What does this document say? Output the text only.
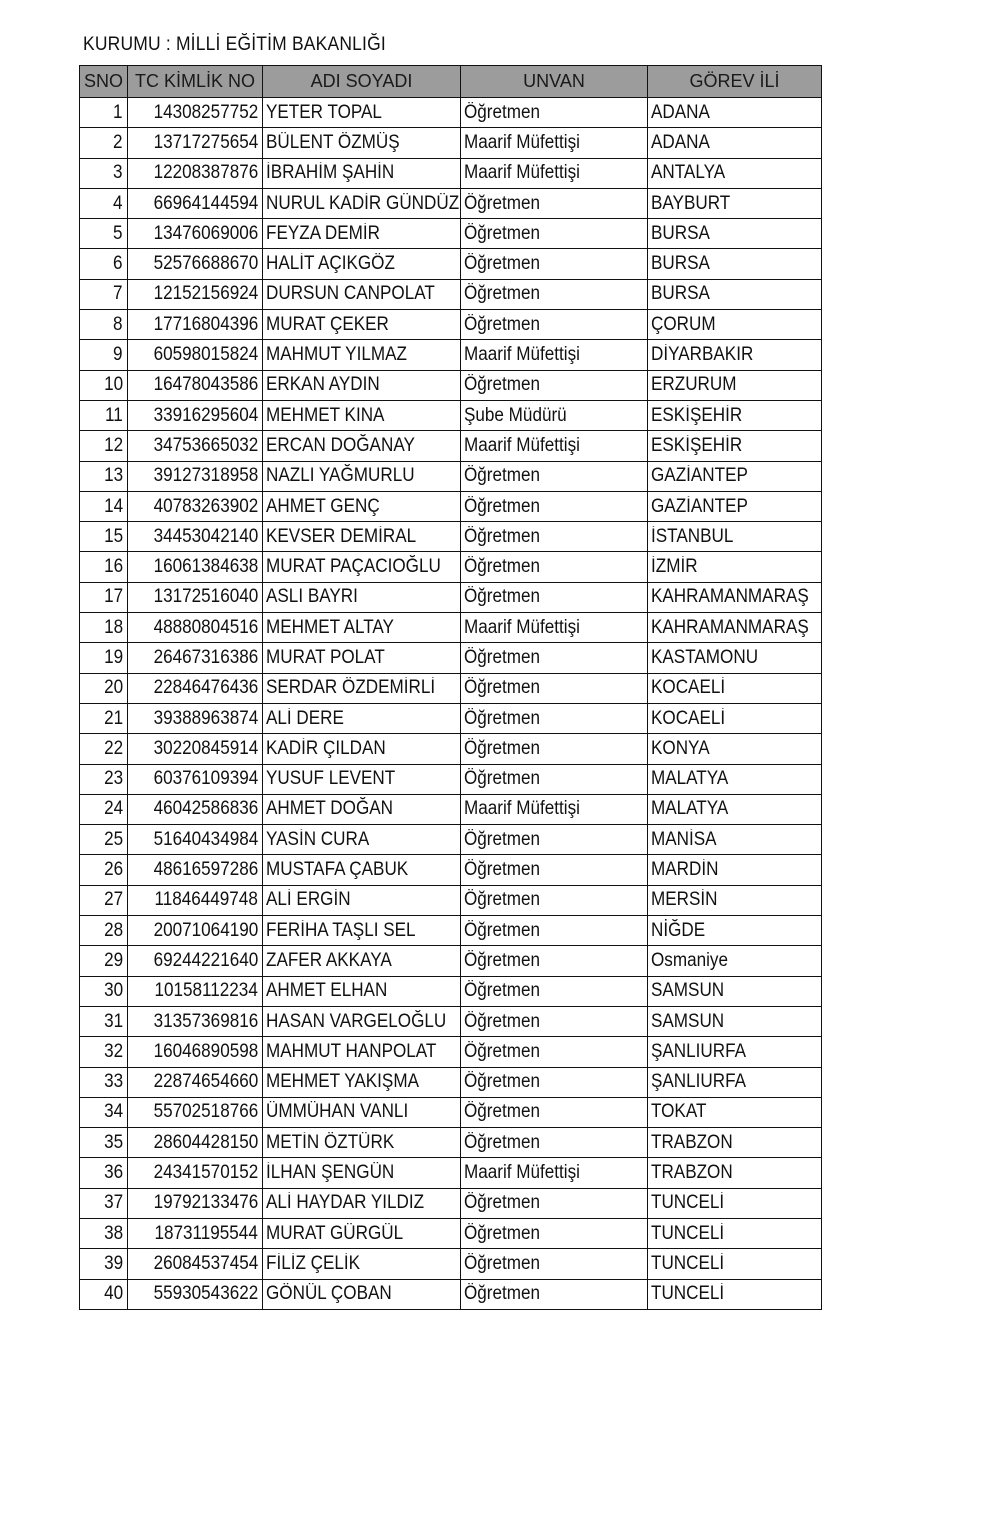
KURUMU : MİLLİ EĞİTİM BAKANLIĞI
SNO	TC KİMLİK NO	ADI SOYADI	UNVAN	GÖREV İLİ
1	14308257752	YETER TOPAL	Öğretmen	ADANA
2	13717275654	BÜLENT ÖZMÜŞ	Maarif Müfettişi	ADANA
3	12208387876	İBRAHİM ŞAHİN	Maarif Müfettişi	ANTALYA
4	66964144594	NURUL KADİR GÜNDÜZ	Öğretmen	BAYBURT
5	13476069006	FEYZA DEMİR	Öğretmen	BURSA
6	52576688670	HALİT AÇIKGÖZ	Öğretmen	BURSA
7	12152156924	DURSUN CANPOLAT	Öğretmen	BURSA
8	17716804396	MURAT ÇEKER	Öğretmen	ÇORUM
9	60598015824	MAHMUT YILMAZ	Maarif Müfettişi	DİYARBAKIR
10	16478043586	ERKAN AYDIN	Öğretmen	ERZURUM
11	33916295604	MEHMET KINA	Şube Müdürü	ESKİŞEHİR
12	34753665032	ERCAN DOĞANAY	Maarif Müfettişi	ESKİŞEHİR
13	39127318958	NAZLI YAĞMURLU	Öğretmen	GAZİANTEP
14	40783263902	AHMET GENÇ	Öğretmen	GAZİANTEP
15	34453042140	KEVSER DEMİRAL	Öğretmen	İSTANBUL
16	16061384638	MURAT PAÇACIOĞLU	Öğretmen	İZMİR
17	13172516040	ASLI BAYRI	Öğretmen	KAHRAMANMARAŞ
18	48880804516	MEHMET ALTAY	Maarif Müfettişi	KAHRAMANMARAŞ
19	26467316386	MURAT POLAT	Öğretmen	KASTAMONU
20	22846476436	SERDAR ÖZDEMİRLİ	Öğretmen	KOCAELİ
21	39388963874	ALİ DERE	Öğretmen	KOCAELİ
22	30220845914	KADİR ÇILDAN	Öğretmen	KONYA
23	60376109394	YUSUF LEVENT	Öğretmen	MALATYA
24	46042586836	AHMET DOĞAN	Maarif Müfettişi	MALATYA
25	51640434984	YASİN CURA	Öğretmen	MANİSA
26	48616597286	MUSTAFA ÇABUK	Öğretmen	MARDİN
27	11846449748	ALİ ERGİN	Öğretmen	MERSİN
28	20071064190	FERİHA TAŞLI SEL	Öğretmen	NİĞDE
29	69244221640	ZAFER AKKAYA	Öğretmen	Osmaniye
30	10158112234	AHMET ELHAN	Öğretmen	SAMSUN
31	31357369816	HASAN VARGELOĞLU	Öğretmen	SAMSUN
32	16046890598	MAHMUT HANPOLAT	Öğretmen	ŞANLIURFA
33	22874654660	MEHMET YAKIŞMA	Öğretmen	ŞANLIURFA
34	55702518766	ÜMMÜHAN VANLI	Öğretmen	TOKAT
35	28604428150	METİN ÖZTÜRK	Öğretmen	TRABZON
36	24341570152	İLHAN ŞENGÜN	Maarif Müfettişi	TRABZON
37	19792133476	ALİ HAYDAR YILDIZ	Öğretmen	TUNCELİ
38	18731195544	MURAT GÜRGÜL	Öğretmen	TUNCELİ
39	26084537454	FİLİZ ÇELİK	Öğretmen	TUNCELİ
40	55930543622	GÖNÜL ÇOBAN	Öğretmen	TUNCELİ
